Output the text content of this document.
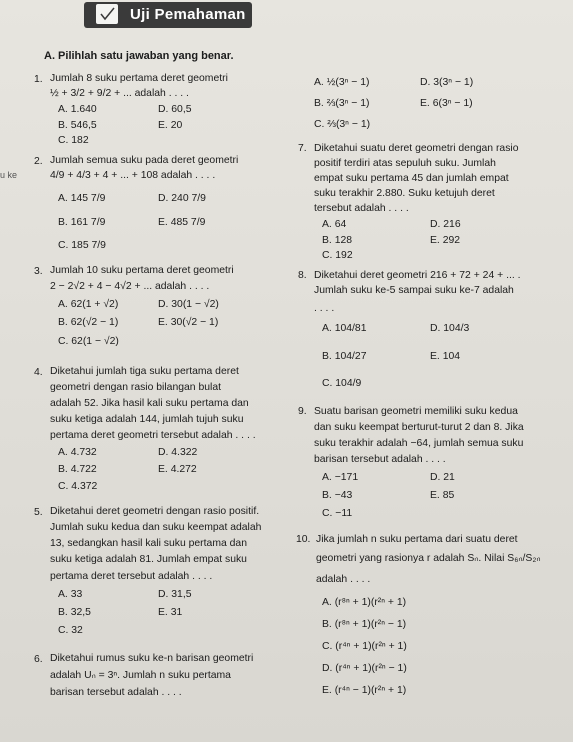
Uji Pemahaman
A. Pilihlah satu jawaban yang benar.
u ke
1. Jumlah 8 suku pertama deret geometri
½ + 3/2 + 9/2 + ... adalah . . . .
A. 1.640	D. 60,5
B. 546,5	E. 20
C. 182
2. Jumlah semua suku pada deret geometri
4/9 + 4/3 + 4 + ... + 108 adalah . . . .
A. 145 7/9	D. 240 7/9
B. 161 7/9	E. 485 7/9
C. 185 7/9
3. Jumlah 10 suku pertama deret geometri
2 − 2√2 + 4 − 4√2 + ... adalah . . . .
A. 62(1 + √2)	D. 30(1 − √2)
B. 62(√2 − 1)	E. 30(√2 − 1)
C. 62(1 − √2)
4. Diketahui jumlah tiga suku pertama deret
geometri dengan rasio bilangan bulat
adalah 52. Jika hasil kali suku pertama dan
suku ketiga adalah 144, jumlah tujuh suku
pertama deret geometri tersebut adalah . . . .
A. 4.732	D. 4.322
B. 4.722	E. 4.272
C. 4.372
5. Diketahui deret geometri dengan rasio positif.
Jumlah suku kedua dan suku keempat adalah
13, sedangkan hasil kali suku pertama dan
suku ketiga adalah 81. Jumlah empat suku
pertama deret tersebut adalah . . . .
A. 33	D. 31,5
B. 32,5	E. 31
C. 32
6. Diketahui rumus suku ke-n barisan geometri
adalah Uₙ = 3ⁿ. Jumlah n suku pertama
barisan tersebut adalah . . . .
A. ½(3ⁿ − 1)	D. 3(3ⁿ − 1)
B. ⅔(3ⁿ − 1)	E. 6(3ⁿ − 1)
C. ⅔(3ⁿ − 1)
7. Diketahui suatu deret geometri dengan rasio
positif terdiri atas sepuluh suku. Jumlah
empat suku pertama 45 dan jumlah empat
suku terakhir 2.880. Suku ketujuh deret
tersebut adalah . . . .
A. 64	D. 216
B. 128	E. 292
C. 192
8. Diketahui deret geometri 216 + 72 + 24 + ... .
Jumlah suku ke-5 sampai suku ke-7 adalah
. . . .
A. 104/81	D. 104/3
B. 104/27	E. 104
C. 104/9
9. Suatu barisan geometri memiliki suku kedua
dan suku keempat berturut-turut 2 dan 8. Jika
suku terakhir adalah −64, jumlah semua suku
barisan tersebut adalah . . . .
A. −171	D. 21
B. −43	E. 85
C. −11
10. Jika jumlah n suku pertama dari suatu deret
geometri yang rasionya r adalah Sₙ. Nilai S₆ₙ/S₂ₙ
adalah . . . .
A. (r⁸ⁿ + 1)(r²ⁿ + 1)
B. (r⁸ⁿ + 1)(r²ⁿ − 1)
C. (r⁴ⁿ + 1)(r²ⁿ + 1)
D. (r⁴ⁿ + 1)(r²ⁿ − 1)
E. (r⁴ⁿ − 1)(r²ⁿ + 1)
